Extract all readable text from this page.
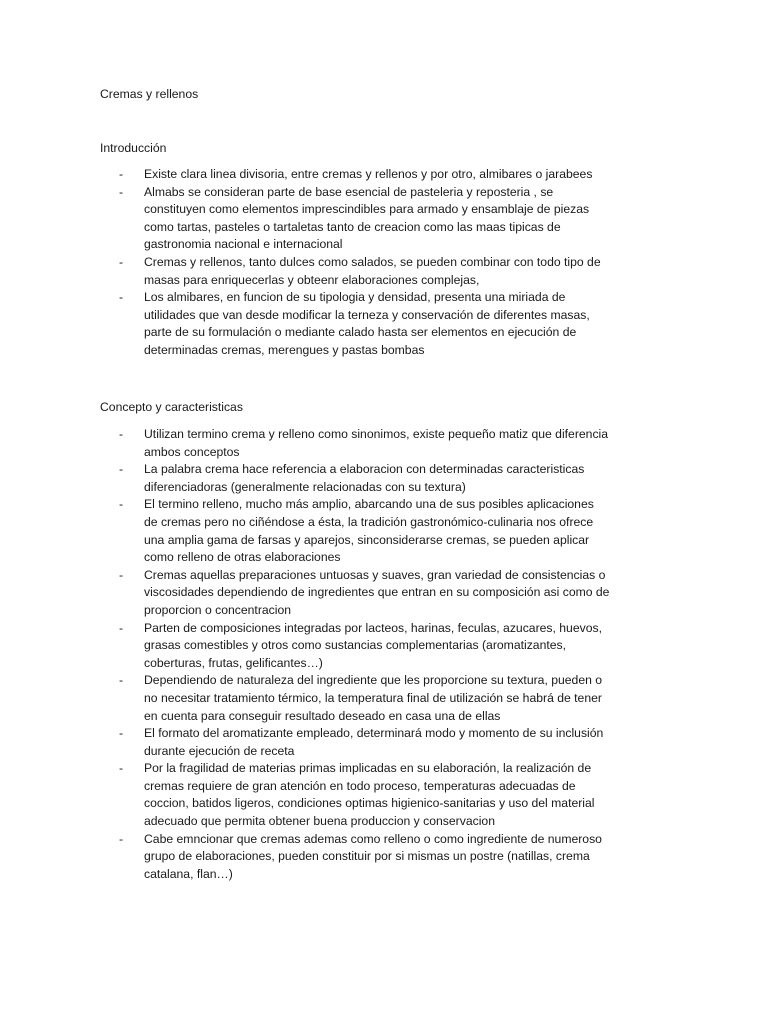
Cremas y rellenos
Introducción
- Existe clara linea divisoria, entre cremas y rellenos y por otro, almibares o jarabees
- Almabs se consideran parte de base esencial de pasteleria y reposteria , se constituyen como elementos imprescindibles para armado y ensamblaje de piezas como tartas, pasteles o tartaletas tanto de creacion como las maas tipicas de gastronomia nacional e internacional
- Cremas y rellenos, tanto dulces como salados, se pueden combinar con todo tipo de masas para enriquecerlas y obteenr elaboraciones complejas,
- Los almibares, en funcion de su tipologia y densidad, presenta una miriada de utilidades que van desde modificar la terneza y conservación de diferentes masas, parte de su formulación o mediante calado hasta ser elementos en ejecución de determinadas cremas, merengues y pastas bombas
Concepto y caracteristicas
- Utilizan termino crema y relleno como sinonimos, existe pequeño matiz que diferencia ambos conceptos
- La palabra crema hace referencia a elaboracion con determinadas caracteristicas diferenciadoras (generalmente relacionadas con su textura)
- El termino relleno, mucho más amplio, abarcando una de sus posibles aplicaciones de cremas pero no ciñéndose a ésta, la tradición gastronómico-culinaria nos ofrece una amplia gama de farsas y aparejos, sinconsiderarse cremas, se pueden aplicar como relleno de otras elaboraciones
- Cremas aquellas preparaciones untuosas y suaves, gran variedad de consistencias o viscosidades dependiendo de ingredientes que entran en su composición asi como de proporcion o concentracion
- Parten de composiciones integradas por lacteos, harinas, feculas, azucares, huevos, grasas comestibles y otros como sustancias complementarias (aromatizantes, coberturas, frutas, gelificantes…)
- Dependiendo de naturaleza del ingrediente que les proporcione su textura, pueden o no necesitar tratamiento térmico, la temperatura final de utilización se habrá de tener en cuenta para conseguir resultado deseado en casa una de ellas
- El formato del aromatizante empleado, determinará modo y momento de su inclusión durante ejecución de receta
- Por la fragilidad de materias primas implicadas en su elaboración, la realización de cremas requiere de gran atención en todo proceso, temperaturas adecuadas de coccion, batidos ligeros, condiciones optimas higienico-sanitarias y uso del material adecuado que permita obtener buena produccion y conservacion
- Cabe emncionar que cremas ademas como relleno o como ingrediente de numeroso grupo de elaboraciones, pueden constituir por si mismas un postre (natillas, crema catalana, flan…)
